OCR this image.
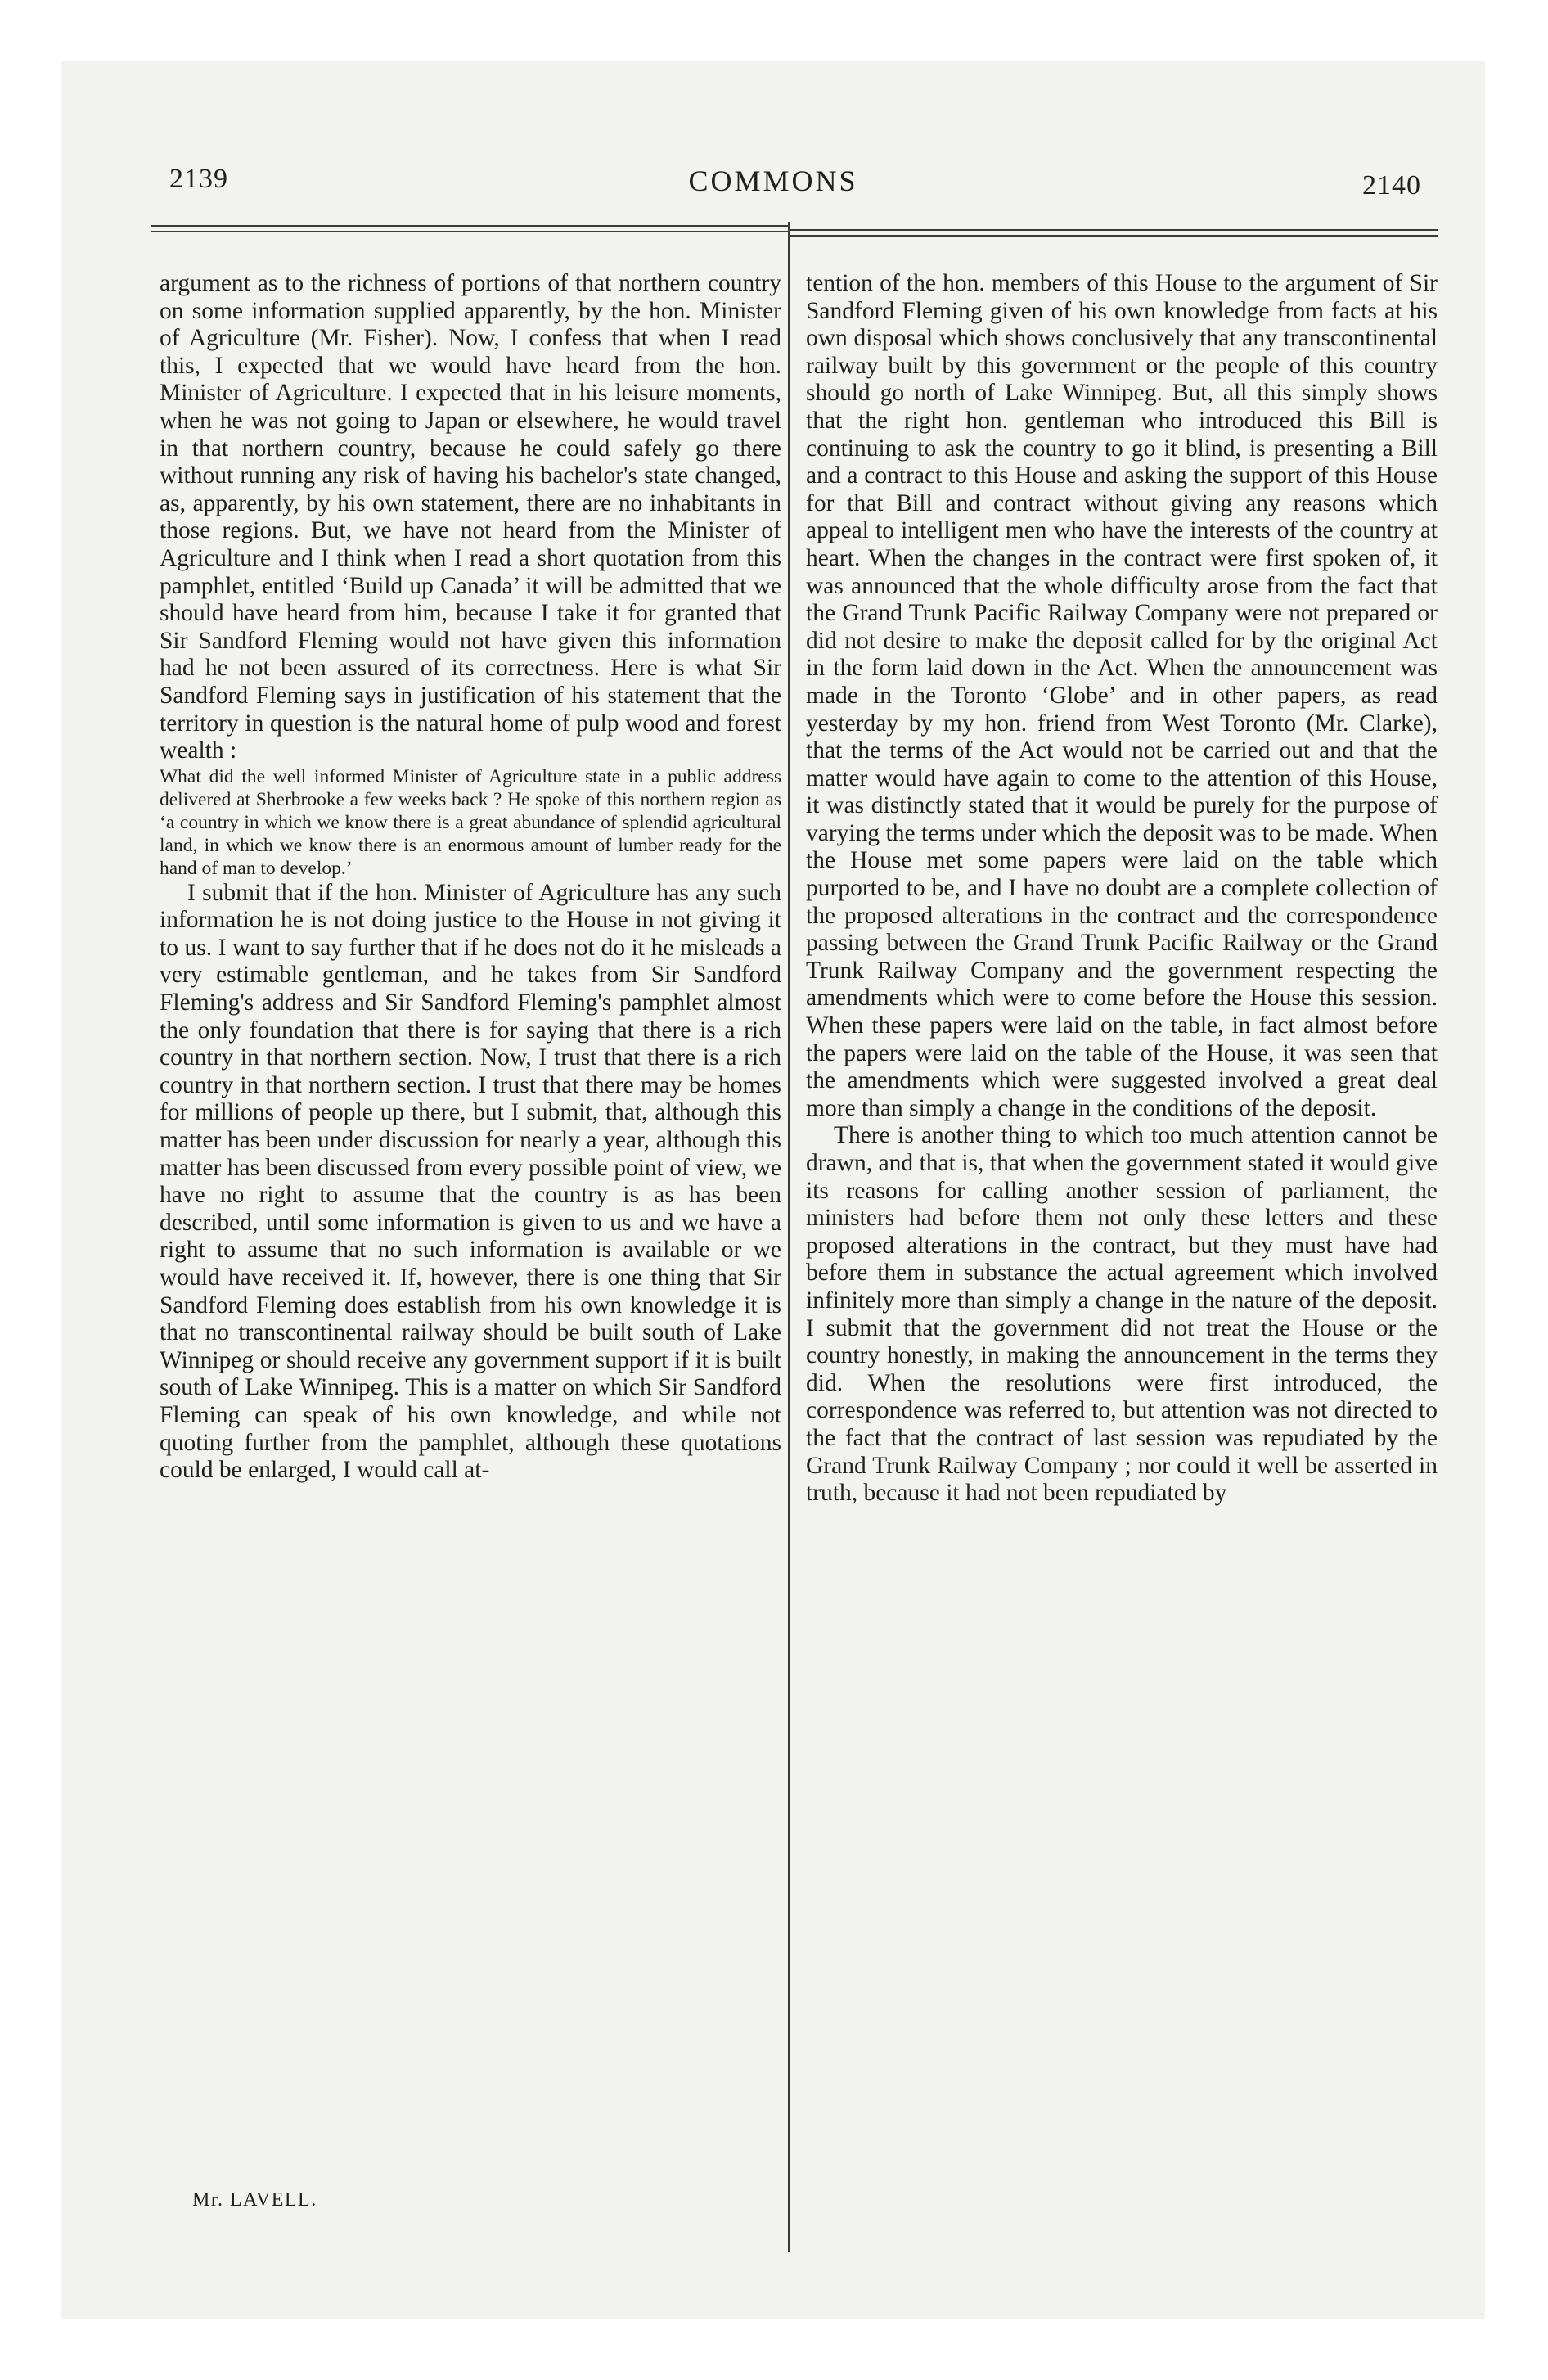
2139	COMMONS	2140

argument as to the richness of portions of that northern country on some information supplied apparently, by the hon. Minister of Agriculture (Mr. Fisher). Now, I confess that when I read this, I expected that we would have heard from the hon. Minister of Agriculture. I expected that in his leisure moments, when he was not going to Japan or elsewhere, he would travel in that northern country, because he could safely go there without running any risk of having his bachelor's state changed, as, apparently, by his own statement, there are no inhabitants in those regions. But, we have not heard from the Minister of Agriculture and I think when I read a short quotation from this pamphlet, entitled ‘Build up Canada’ it will be admitted that we should have heard from him, because I take it for granted that Sir Sandford Fleming would not have given this information had he not been assured of its correctness. Here is what Sir Sandford Fleming says in justification of his statement that the territory in question is the natural home of pulp wood and forest wealth :

What did the well informed Minister of Agriculture state in a public address delivered at Sherbrooke a few weeks back ? He spoke of this northern region as ‘a country in which we know there is a great abundance of splendid agricultural land, in which we know there is an enormous amount of lumber ready for the hand of man to develop.’

I submit that if the hon. Minister of Agriculture has any such information he is not doing justice to the House in not giving it to us. I want to say further that if he does not do it he misleads a very estimable gentleman, and he takes from Sir Sandford Fleming's address and Sir Sandford Fleming's pamphlet almost the only foundation that there is for saying that there is a rich country in that northern section. Now, I trust that there is a rich country in that northern section. I trust that there may be homes for millions of people up there, but I submit, that, although this matter has been under discussion for nearly a year, although this matter has been discussed from every possible point of view, we have no right to assume that the country is as has been described, until some information is given to us and we have a right to assume that no such information is available or we would have received it. If, however, there is one thing that Sir Sandford Fleming does establish from his own knowledge it is that no transcontinental railway should be built south of Lake Winnipeg or should receive any government support if it is built south of Lake Winnipeg. This is a matter on which Sir Sandford Fleming can speak of his own knowledge, and while not quoting further from the pamphlet, although these quotations could be enlarged, I would call at-

tention of the hon. members of this House to the argument of Sir Sandford Fleming given of his own knowledge from facts at his own disposal which shows conclusively that any transcontinental railway built by this government or the people of this country should go north of Lake Winnipeg. But, all this simply shows that the right hon. gentleman who introduced this Bill is continuing to ask the country to go it blind, is presenting a Bill and a contract to this House and asking the support of this House for that Bill and contract without giving any reasons which appeal to intelligent men who have the interests of the country at heart. When the changes in the contract were first spoken of, it was announced that the whole difficulty arose from the fact that the Grand Trunk Pacific Railway Company were not prepared or did not desire to make the deposit called for by the original Act in the form laid down in the Act. When the announcement was made in the Toronto ‘Globe’ and in other papers, as read yesterday by my hon. friend from West Toronto (Mr. Clarke), that the terms of the Act would not be carried out and that the matter would have again to come to the attention of this House, it was distinctly stated that it would be purely for the purpose of varying the terms under which the deposit was to be made. When the House met some papers were laid on the table which purported to be, and I have no doubt are a complete collection of the proposed alterations in the contract and the correspondence passing between the Grand Trunk Pacific Railway or the Grand Trunk Railway Company and the government respecting the amendments which were to come before the House this session. When these papers were laid on the table, in fact almost before the papers were laid on the table of the House, it was seen that the amendments which were suggested involved a great deal more than simply a change in the conditions of the deposit.

There is another thing to which too much attention cannot be drawn, and that is, that when the government stated it would give its reasons for calling another session of parliament, the ministers had before them not only these letters and these proposed alterations in the contract, but they must have had before them in substance the actual agreement which involved infinitely more than simply a change in the nature of the deposit. I submit that the government did not treat the House or the country honestly, in making the announcement in the terms they did. When the resolutions were first introduced, the correspondence was referred to, but attention was not directed to the fact that the contract of last session was repudiated by the Grand Trunk Railway Company ; nor could it well be asserted in truth, because it had not been repudiated by

Mr. LAVELL.
